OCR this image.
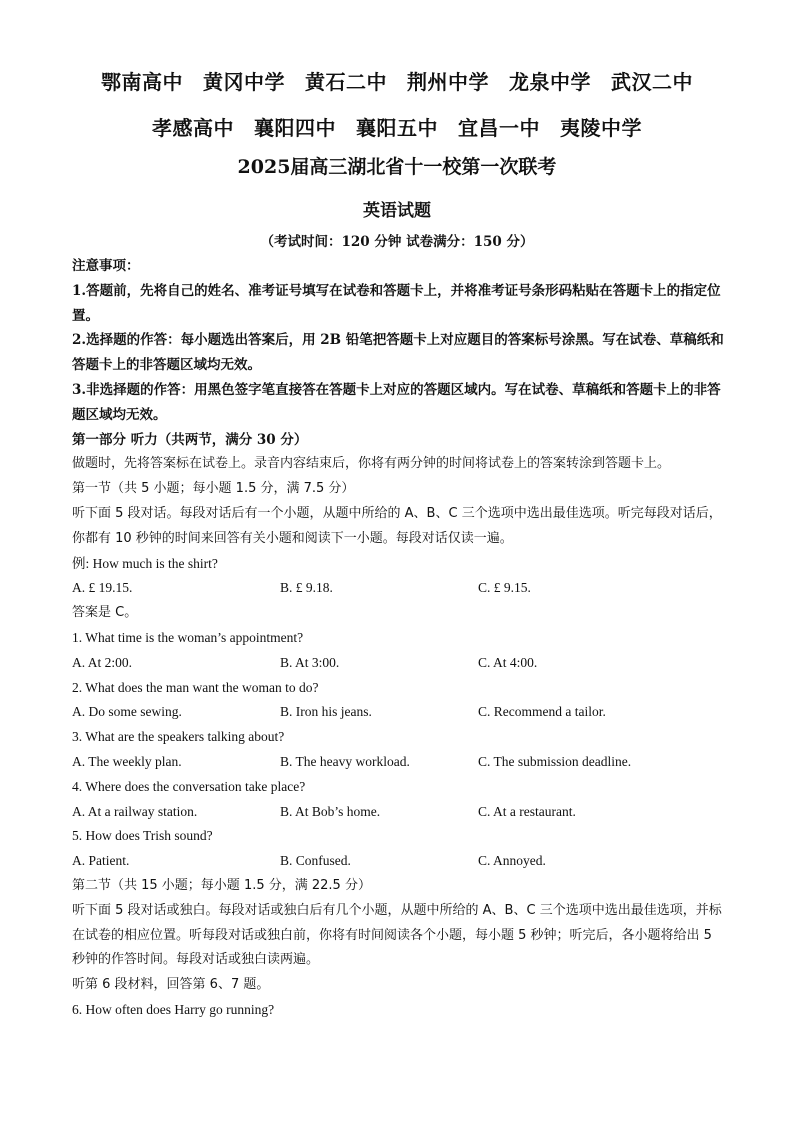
鄂南高中 黄冈中学 黄石二中 荆州中学 龙泉中学 武汉二中
孝感高中 襄阳四中 襄阳五中 宜昌一中 夷陵中学
2025届高三湖北省十一校第一次联考
英语试题
（考试时间：120 分钟 试卷满分：150 分）
注意事项：
1.答题前，先将自己的姓名、准考证号填写在试卷和答题卡上，并将准考证号条形码粘贴在答题卡上的指定位置。
2.选择题的作答：每小题选出答案后，用 2B 铅笔把答题卡上对应题目的答案标号涂黑。写在试卷、草稿纸和答题卡上的非答题区域均无效。
3.非选择题的作答：用黑色签字笔直接答在答题卡上对应的答题区域内。写在试卷、草稿纸和答题卡上的非答题区域均无效。
第一部分 听力（共两节，满分 30 分）
做题时，先将答案标在试卷上。录音内容结束后，你将有两分钟的时间将试卷上的答案转涂到答题卡上。
第一节（共 5 小题；每小题 1.5 分，满 7.5 分）
听下面 5 段对话。每段对话后有一个小题，从题中所给的 A、B、C 三个选项中选出最佳选项。听完每段对话后，你都有 10 秒钟的时间来回答有关小题和阅读下一小题。每段对话仅读一遍。
例: How much is the shirt?
A. £ 19.15.	B. £ 9.18.	C. £ 9.15.
答案是 C。
1. What time is the woman’s appointment?
A. At 2:00.	B. At 3:00.	C. At 4:00.
2. What does the man want the woman to do?
A. Do some sewing.	B. Iron his jeans.	C. Recommend a tailor.
3. What are the speakers talking about?
A. The weekly plan.	B. The heavy workload.	C. The submission deadline.
4. Where does the conversation take place?
A. At a railway station.	B. At Bob’s home.	C. At a restaurant.
5. How does Trish sound?
A. Patient.	B. Confused.	C. Annoyed.
第二节（共 15 小题；每小题 1.5 分，满 22.5 分）
听下面 5 段对话或独白。每段对话或独白后有几个小题，从题中所给的 A、B、C 三个选项中选出最佳选项，并标在试卷的相应位置。听每段对话或独白前，你将有时间阅读各个小题，每小题 5 秒钟；听完后，各小题将给出 5 秒钟的作答时间。每段对话或独白读两遍。
听第 6 段材料，回答第 6、7 题。
6. How often does Harry go running?
